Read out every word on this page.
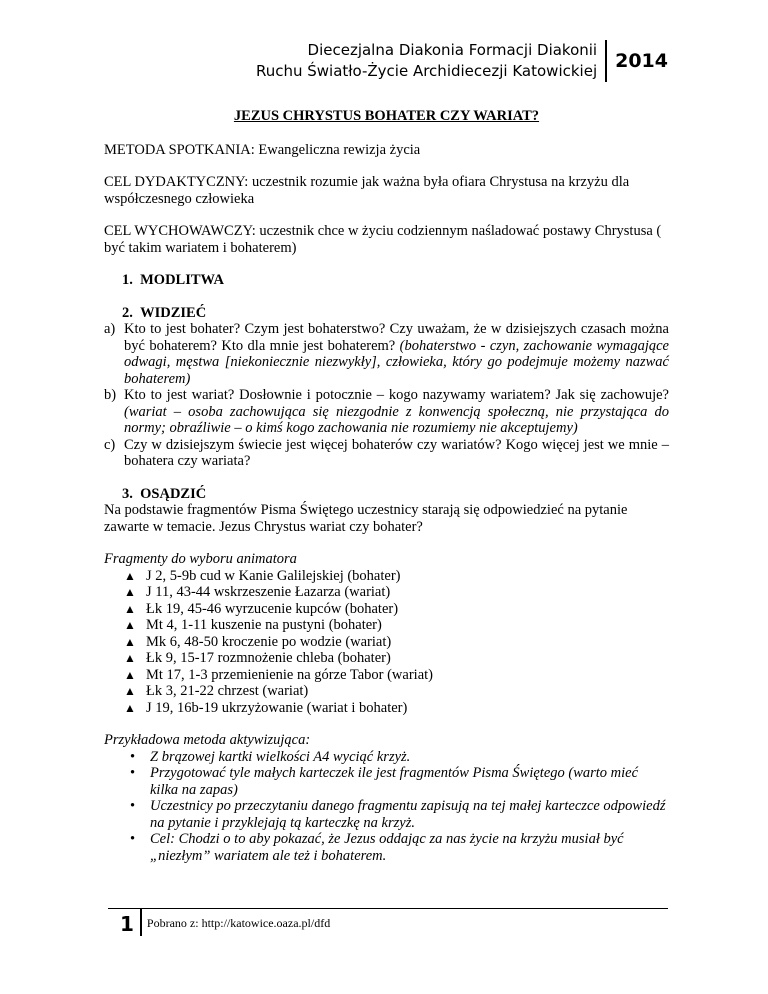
Diecezjalna Diakonia Formacji Diakonii
Ruchu Światło-Życie Archidiecezji Katowickiej 2014
JEZUS CHRYSTUS BOHATER CZY WARIAT?

METODA SPOTKANIA: Ewangeliczna rewizja życia

CEL DYDAKTYCZNY: uczestnik rozumie jak ważna była ofiara Chrystusa na krzyżu dla współczesnego człowieka

CEL WYCHOWAWCZY: uczestnik chce w życiu codziennym naśladować postawy Chrystusa ( być takim wariatem i bohaterem)

1. MODLITWA

2. WIDZIEĆ
a) Kto to jest bohater? Czym jest bohaterstwo? Czy uważam, że w dzisiejszych czasach można być bohaterem? Kto dla mnie jest bohaterem? (bohaterstwo - czyn, zachowanie wymagające odwagi, męstwa [niekoniecznie niezwykły], człowieka, który go podejmuje możemy nazwać bohaterem)
b) Kto to jest wariat? Dosłownie i potocznie – kogo nazywamy wariatem? Jak się zachowuje? (wariat – osoba zachowująca się niezgodnie z konwencją społeczną, nie przystająca do normy; obraźliwie – o kimś kogo zachowania nie rozumiemy nie akceptujemy)
c) Czy w dzisiejszym świecie jest więcej bohaterów czy wariatów? Kogo więcej jest we mnie – bohatera czy wariata?
3. OSĄDZIĆ

Na podstawie fragmentów Pisma Świętego uczestnicy starają się odpowiedzieć na pytanie zawarte w temacie. Jezus Chrystus wariat czy bohater?

Fragmenty do wyboru animatora
▲ J 2, 5-9b cud w Kanie Galilejskiej (bohater)
▲ J 11, 43-44 wskrzeszenie Łazarza (wariat)
▲ Łk 19, 45-46 wyrzucenie kupców (bohater)
▲ Mt 4, 1-11 kuszenie na pustyni (bohater)
▲ Mk 6, 48-50 kroczenie po wodzie (wariat)
▲ Łk 9, 15-17 rozmnożenie chleba (bohater)
▲ Mt 17, 1-3 przemienienie na górze Tabor (wariat)
▲ Łk 3, 21-22 chrzest (wariat)
▲ J 19, 16b-19 ukrzyżowanie (wariat i bohater)
Przykładowa metoda aktywizująca:
•	Z brązowej kartki wielkości A4 wyciąć krzyż.
•	Przygotować tyle małych karteczek ile jest fragmentów Pisma Świętego (warto mieć kilka na zapas)
•	Uczestnicy po przeczytaniu danego fragmentu zapisują na tej małej karteczce odpowiedź na pytanie i przyklejają tą karteczkę na krzyż.
•	Cel: Chodzi o to aby pokazać, że Jezus oddając za nas życie na krzyżu musiał być „niezłym” wariatem ale też i bohaterem.
1	Pobrano z: http://katowice.oaza.pl/dfd
